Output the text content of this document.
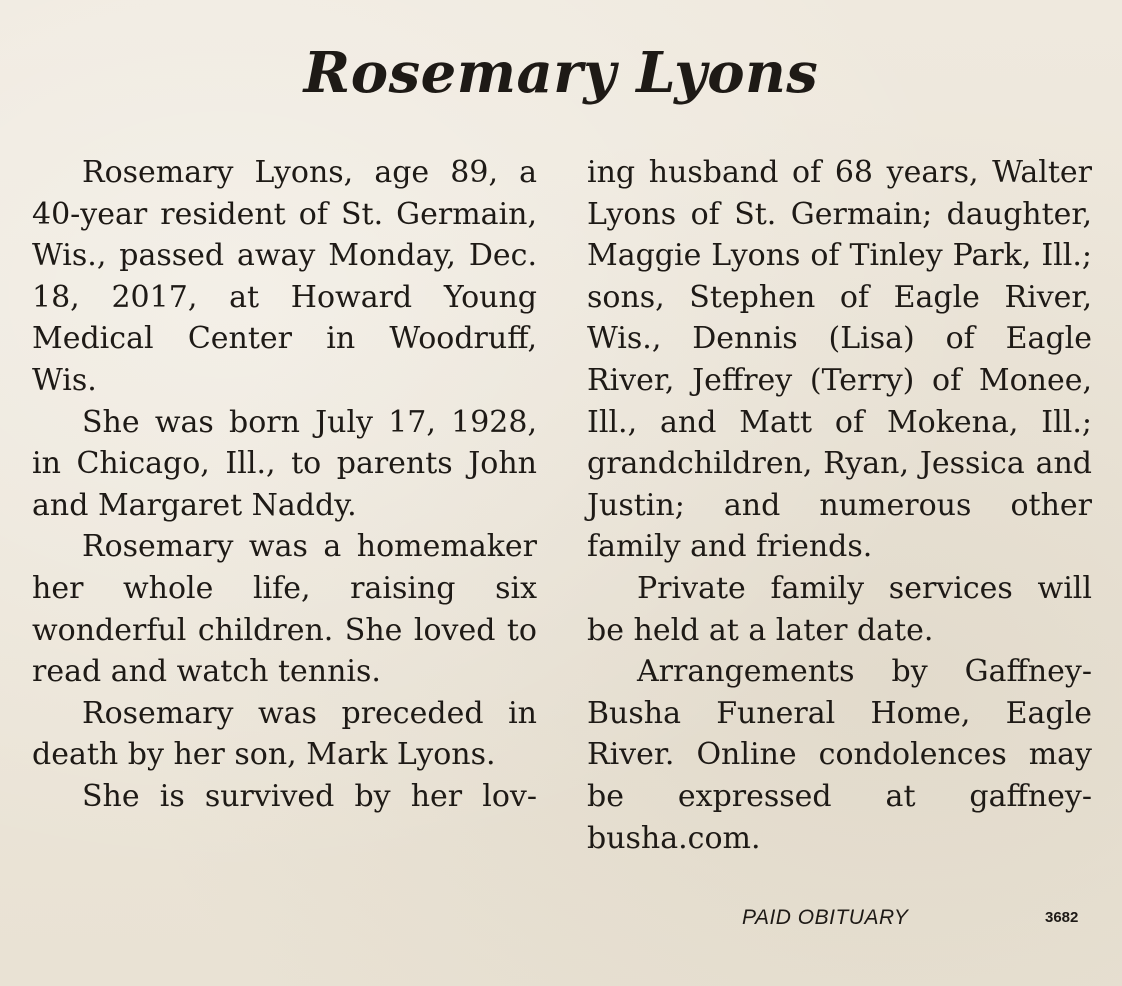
Rosemary Lyons

Rosemary Lyons, age 89, a 40-year resident of St. Germain, Wis., passed away Monday, Dec. 18, 2017, at Howard Young Medical Center in Woodruff, Wis.

She was born July 17, 1928, in Chicago, Ill., to parents John and Margaret Naddy.

Rosemary was a homemaker her whole life, raising six wonderful children. She loved to read and watch tennis.

Rosemary was preceded in death by her son, Mark Lyons.

She is survived by her lov-

ing husband of 68 years, Walter Lyons of St. Germain; daughter, Maggie Lyons of Tinley Park, Ill.; sons, Stephen of Eagle River, Wis., Dennis (Lisa) of Eagle River, Jeffrey (Terry) of Monee, Ill., and Matt of Mokena, Ill.; grandchildren, Ryan, Jessica and Justin; and numerous other family and friends.

Private family services will be held at a later date.

Arrangements by Gaffney-Busha Funeral Home, Eagle River. Online condolences may be expressed at gaffney-busha.com.

PAID OBITUARY	3682
